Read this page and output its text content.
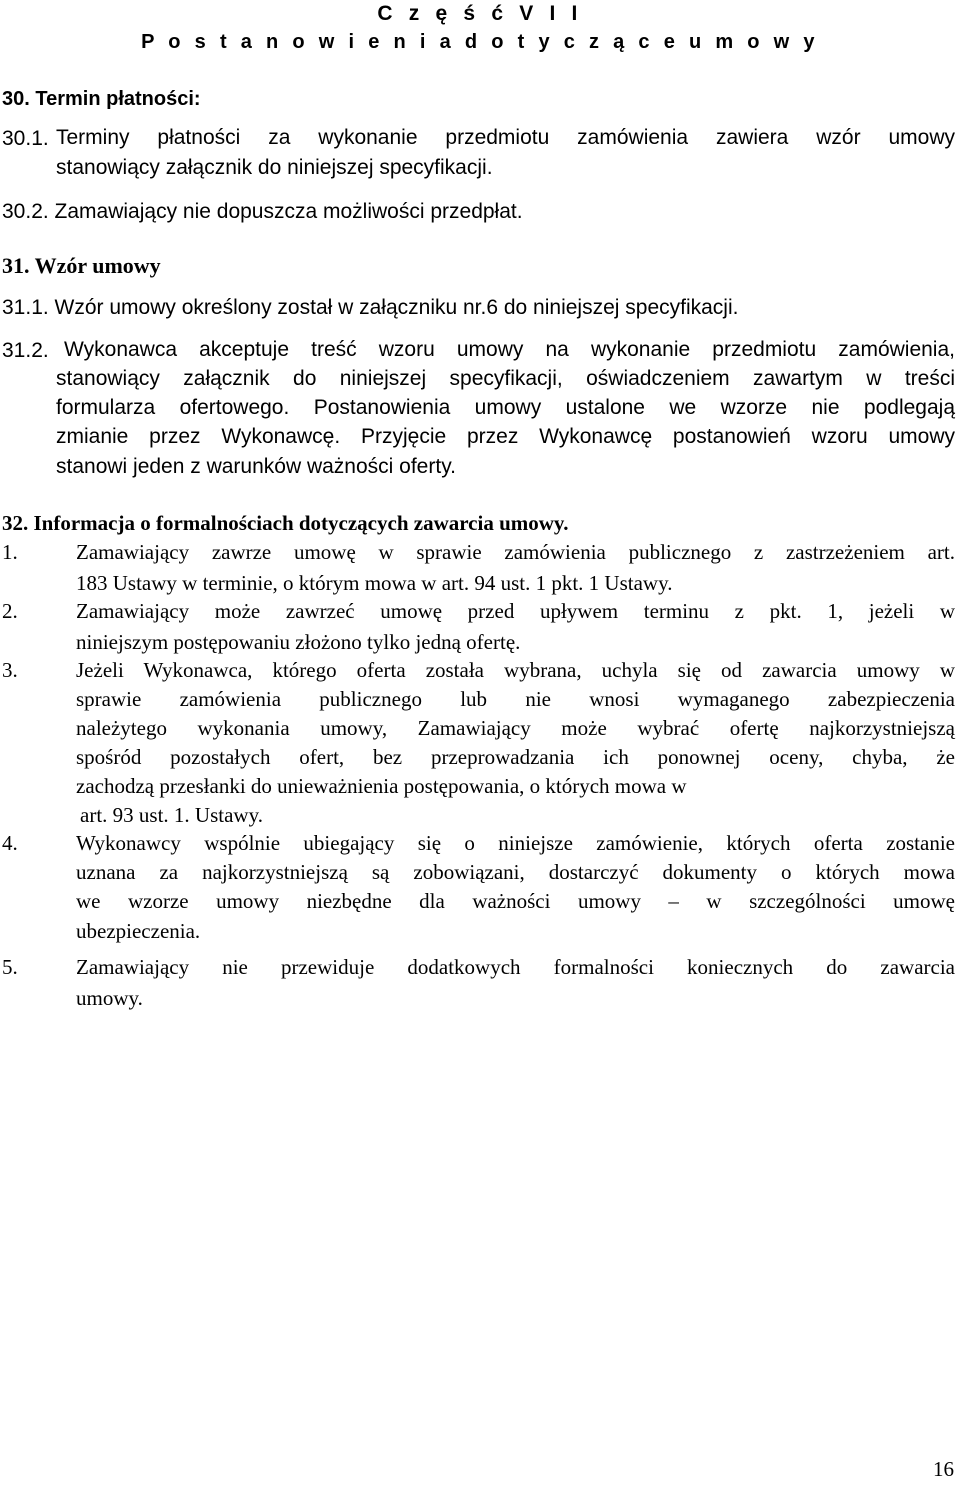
C z ę ś ć V I I
P o s t a n o w i e n i a d o t y c z ą c e u m o w y
30. Termin płatności:
30.1. Terminy płatności za wykonanie przedmiotu zamówienia zawiera wzór umowy
stanowiący załącznik do niniejszej specyfikacji.
30.2. Zamawiający nie dopuszcza możliwości przedpłat.
31. Wzór umowy
31.1. Wzór umowy określony został w załączniku nr.6 do niniejszej specyfikacji.
31.2. Wykonawca akceptuje treść wzoru umowy na wykonanie przedmiotu zamówienia,
stanowiący załącznik do niniejszej specyfikacji, oświadczeniem zawartym w treści
formularza ofertowego. Postanowienia umowy ustalone we wzorze nie podlegają
zmianie przez Wykonawcę. Przyjęcie przez Wykonawcę postanowień wzoru umowy
stanowi jeden z warunków ważności oferty.
32. Informacja o formalnościach dotyczących zawarcia umowy.
1.	Zamawiający zawrze umowę w sprawie zamówienia publicznego z zastrzeżeniem art.
183 Ustawy w terminie, o którym mowa w art. 94 ust. 1 pkt. 1 Ustawy.
2.	Zamawiający może zawrzeć umowę przed upływem terminu z pkt. 1, jeżeli w
niniejszym postępowaniu złożono tylko jedną ofertę.
3.	Jeżeli Wykonawca, którego oferta została wybrana, uchyla się od zawarcia umowy w
sprawie zamówienia publicznego lub nie wnosi wymaganego zabezpieczenia
należytego wykonania umowy, Zamawiający może wybrać ofertę najkorzystniejszą
spośród pozostałych ofert, bez przeprowadzania ich ponownej oceny, chyba, że
zachodzą przesłanki do unieważnienia postępowania, o których mowa w
art. 93 ust. 1. Ustawy.
4.	Wykonawcy wspólnie ubiegający się o niniejsze zamówienie, których oferta zostanie
uznana za najkorzystniejszą są zobowiązani, dostarczyć dokumenty o których mowa
we wzorze umowy niezbędne dla ważności umowy – w szczególności umowę
ubezpieczenia.
5.	Zamawiający nie przewiduje dodatkowych formalności koniecznych do zawarcia
umowy.
16
